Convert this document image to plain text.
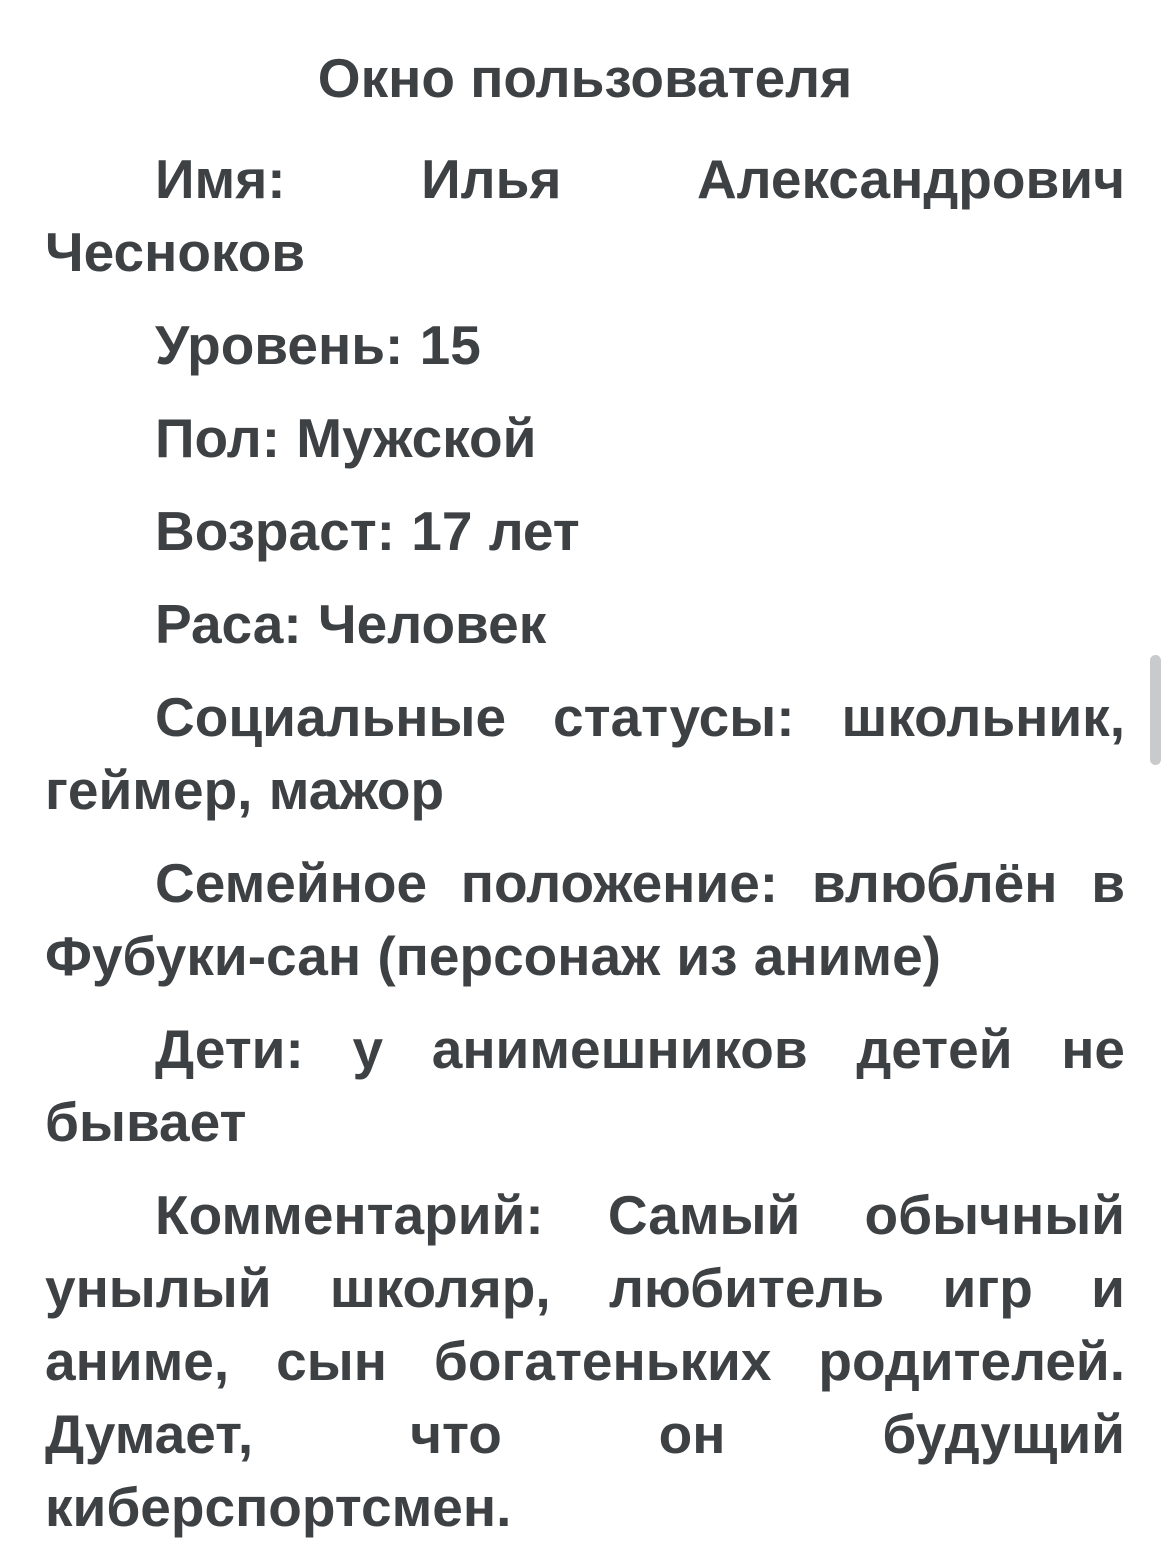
Окно пользователя

Имя: Илья Александрович Чесноков

Уровень: 15

Пол: Мужской

Возраст: 17 лет

Раса: Человек

Социальные статусы: школьник, геймер, мажор

Семейное положение: влюблён в Фубуки-сан (персонаж из аниме)

Дети: у анимешников детей не бывает

Комментарий: Самый обычный унылый школяр, любитель игр и аниме, сын богатеньких родителей. Думает, что он будущий киберспортсмен.
